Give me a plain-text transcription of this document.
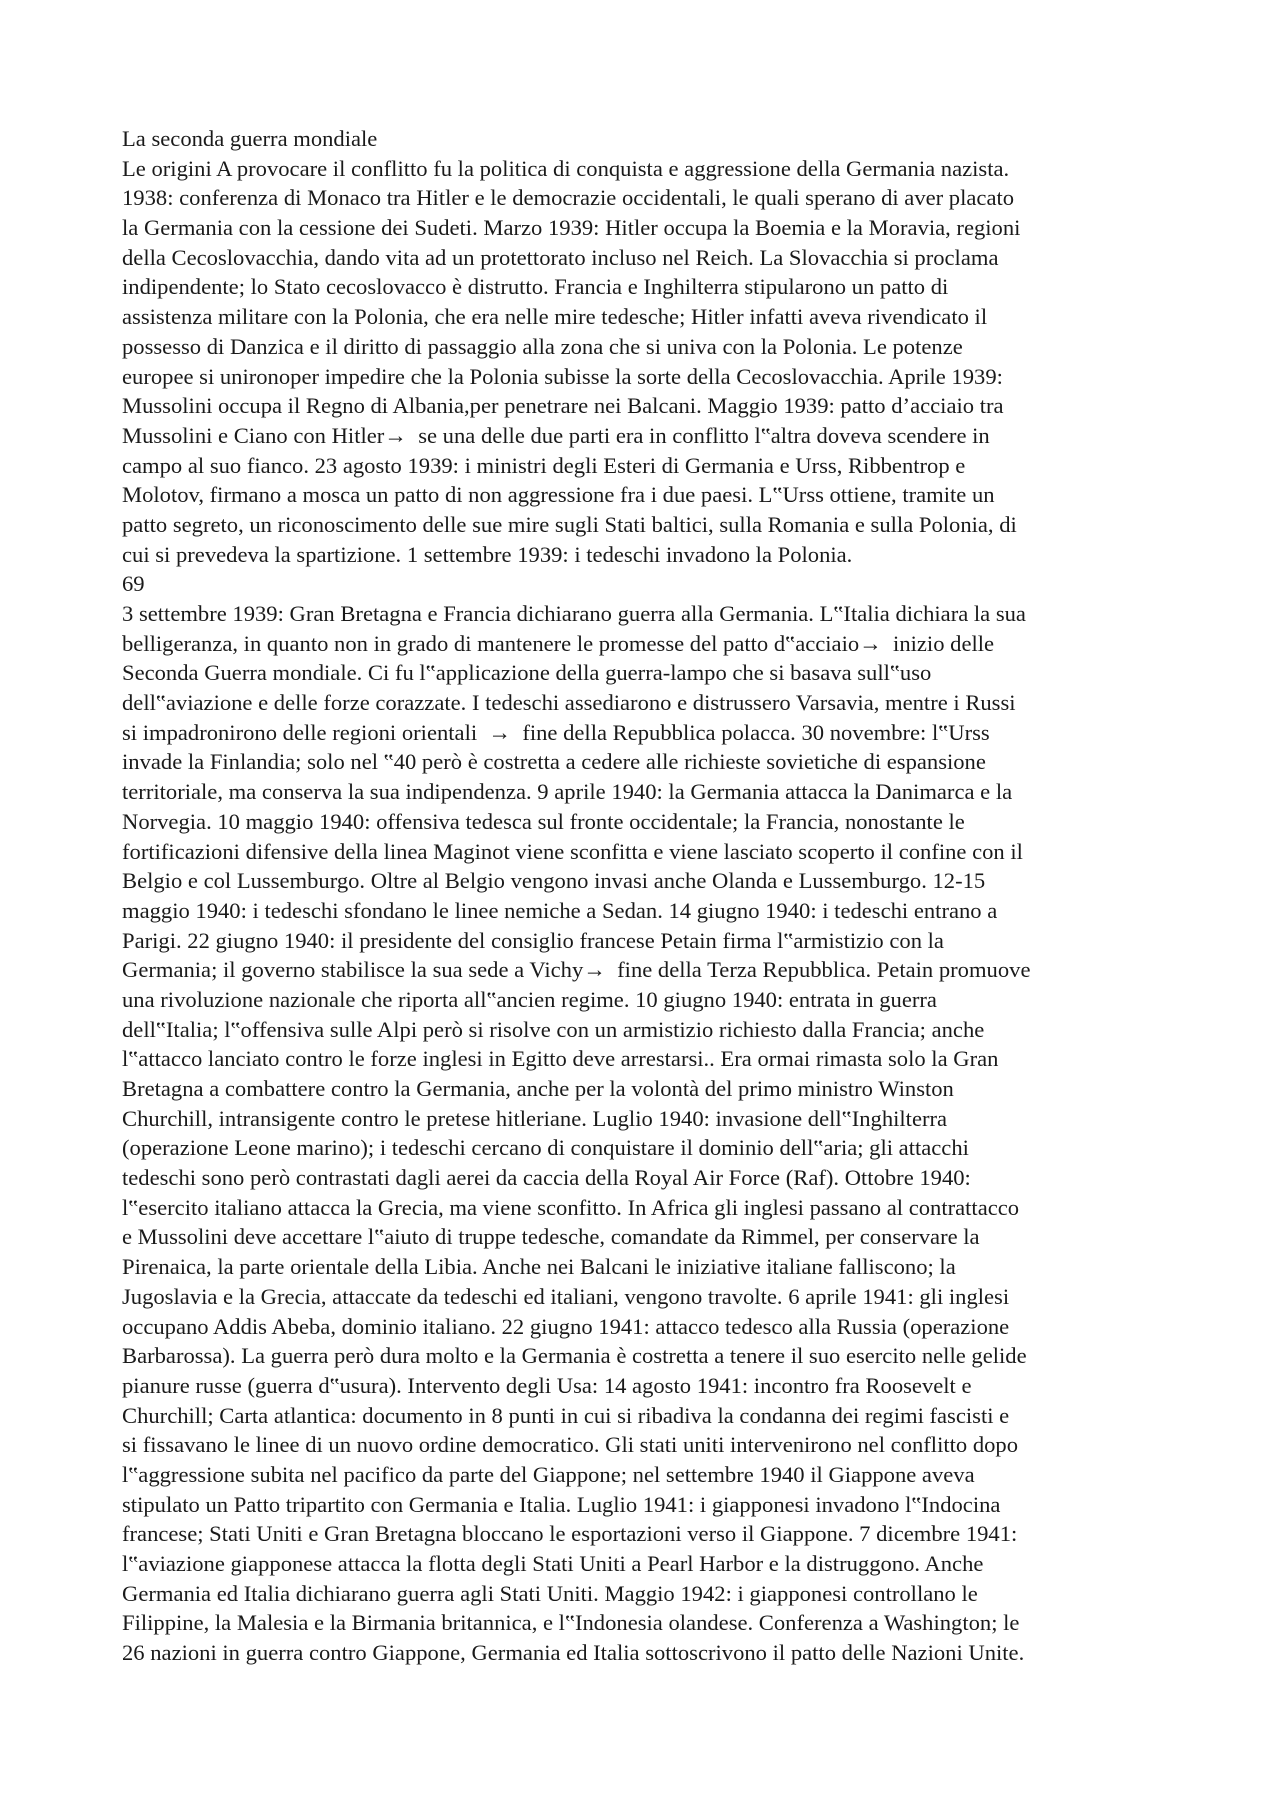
La seconda guerra mondiale
Le origini A provocare il conflitto fu la politica di conquista e aggressione della Germania nazista.
1938: conferenza di Monaco tra Hitler e le democrazie occidentali, le quali sperano di aver placato
la Germania con la cessione dei Sudeti. Marzo 1939: Hitler occupa la Boemia e la Moravia, regioni
della Cecoslovacchia, dando vita ad un protettorato incluso nel Reich. La Slovacchia si proclama
indipendente; lo Stato cecoslovacco è distrutto. Francia e Inghilterra stipularono un patto di
assistenza militare con la Polonia, che era nelle mire tedesche; Hitler infatti aveva rivendicato il
possesso di Danzica e il diritto di passaggio alla zona che si univa con la Polonia. Le potenze
europee si unironoper impedire che la Polonia subisse la sorte della Cecoslovacchia. Aprile 1939:
Mussolini occupa il Regno di Albania,per penetrare nei Balcani. Maggio 1939: patto d’acciaio tra
Mussolini e Ciano con Hitler→  se una delle due parti era in conflitto l‟altra doveva scendere in
campo al suo fianco. 23 agosto 1939: i ministri degli Esteri di Germania e Urss, Ribbentrop e
Molotov, firmano a mosca un patto di non aggressione fra i due paesi. L‟Urss ottiene, tramite un
patto segreto, un riconoscimento delle sue mire sugli Stati baltici, sulla Romania e sulla Polonia, di
cui si prevedeva la spartizione. 1 settembre 1939: i tedeschi invadono la Polonia.
69
3 settembre 1939: Gran Bretagna e Francia dichiarano guerra alla Germania. L‟Italia dichiara la sua
belligeranza, in quanto non in grado di mantenere le promesse del patto d‟acciaio→  inizio delle
Seconda Guerra mondiale. Ci fu l‟applicazione della guerra-lampo che si basava sull‟uso
dell‟aviazione e delle forze corazzate. I tedeschi assediarono e distrussero Varsavia, mentre i Russi
si impadronirono delle regioni orientali  →  fine della Repubblica polacca. 30 novembre: l‟Urss
invade la Finlandia; solo nel ‟40 però è costretta a cedere alle richieste sovietiche di espansione
territoriale, ma conserva la sua indipendenza. 9 aprile 1940: la Germania attacca la Danimarca e la
Norvegia. 10 maggio 1940: offensiva tedesca sul fronte occidentale; la Francia, nonostante le
fortificazioni difensive della linea Maginot viene sconfitta e viene lasciato scoperto il confine con il
Belgio e col Lussemburgo. Oltre al Belgio vengono invasi anche Olanda e Lussemburgo. 12-15
maggio 1940: i tedeschi sfondano le linee nemiche a Sedan. 14 giugno 1940: i tedeschi entrano a
Parigi. 22 giugno 1940: il presidente del consiglio francese Petain firma l‟armistizio con la
Germania; il governo stabilisce la sua sede a Vichy→  fine della Terza Repubblica. Petain promuove
una rivoluzione nazionale che riporta all‟ancien regime. 10 giugno 1940: entrata in guerra
dell‟Italia; l‟offensiva sulle Alpi però si risolve con un armistizio richiesto dalla Francia; anche
l‟attacco lanciato contro le forze inglesi in Egitto deve arrestarsi.. Era ormai rimasta solo la Gran
Bretagna a combattere contro la Germania, anche per la volontà del primo ministro Winston
Churchill, intransigente contro le pretese hitleriane. Luglio 1940: invasione dell‟Inghilterra
(operazione Leone marino); i tedeschi cercano di conquistare il dominio dell‟aria; gli attacchi
tedeschi sono però contrastati dagli aerei da caccia della Royal Air Force (Raf). Ottobre 1940:
l‟esercito italiano attacca la Grecia, ma viene sconfitto. In Africa gli inglesi passano al contrattacco
e Mussolini deve accettare l‟aiuto di truppe tedesche, comandate da Rimmel, per conservare la
Pirenaica, la parte orientale della Libia. Anche nei Balcani le iniziative italiane falliscono; la
Jugoslavia e la Grecia, attaccate da tedeschi ed italiani, vengono travolte. 6 aprile 1941: gli inglesi
occupano Addis Abeba, dominio italiano. 22 giugno 1941: attacco tedesco alla Russia (operazione
Barbarossa). La guerra però dura molto e la Germania è costretta a tenere il suo esercito nelle gelide
pianure russe (guerra d‟usura). Intervento degli Usa: 14 agosto 1941: incontro fra Roosevelt e
Churchill; Carta atlantica: documento in 8 punti in cui si ribadiva la condanna dei regimi fascisti e
si fissavano le linee di un nuovo ordine democratico. Gli stati uniti intervenirono nel conflitto dopo
l‟aggressione subita nel pacifico da parte del Giappone; nel settembre 1940 il Giappone aveva
stipulato un Patto tripartito con Germania e Italia. Luglio 1941: i giapponesi invadono l‟Indocina
francese; Stati Uniti e Gran Bretagna bloccano le esportazioni verso il Giappone. 7 dicembre 1941:
l‟aviazione giapponese attacca la flotta degli Stati Uniti a Pearl Harbor e la distruggono. Anche
Germania ed Italia dichiarano guerra agli Stati Uniti. Maggio 1942: i giapponesi controllano le
Filippine, la Malesia e la Birmania britannica, e l‟Indonesia olandese. Conferenza a Washington; le
26 nazioni in guerra contro Giappone, Germania ed Italia sottoscrivono il patto delle Nazioni Unite.
